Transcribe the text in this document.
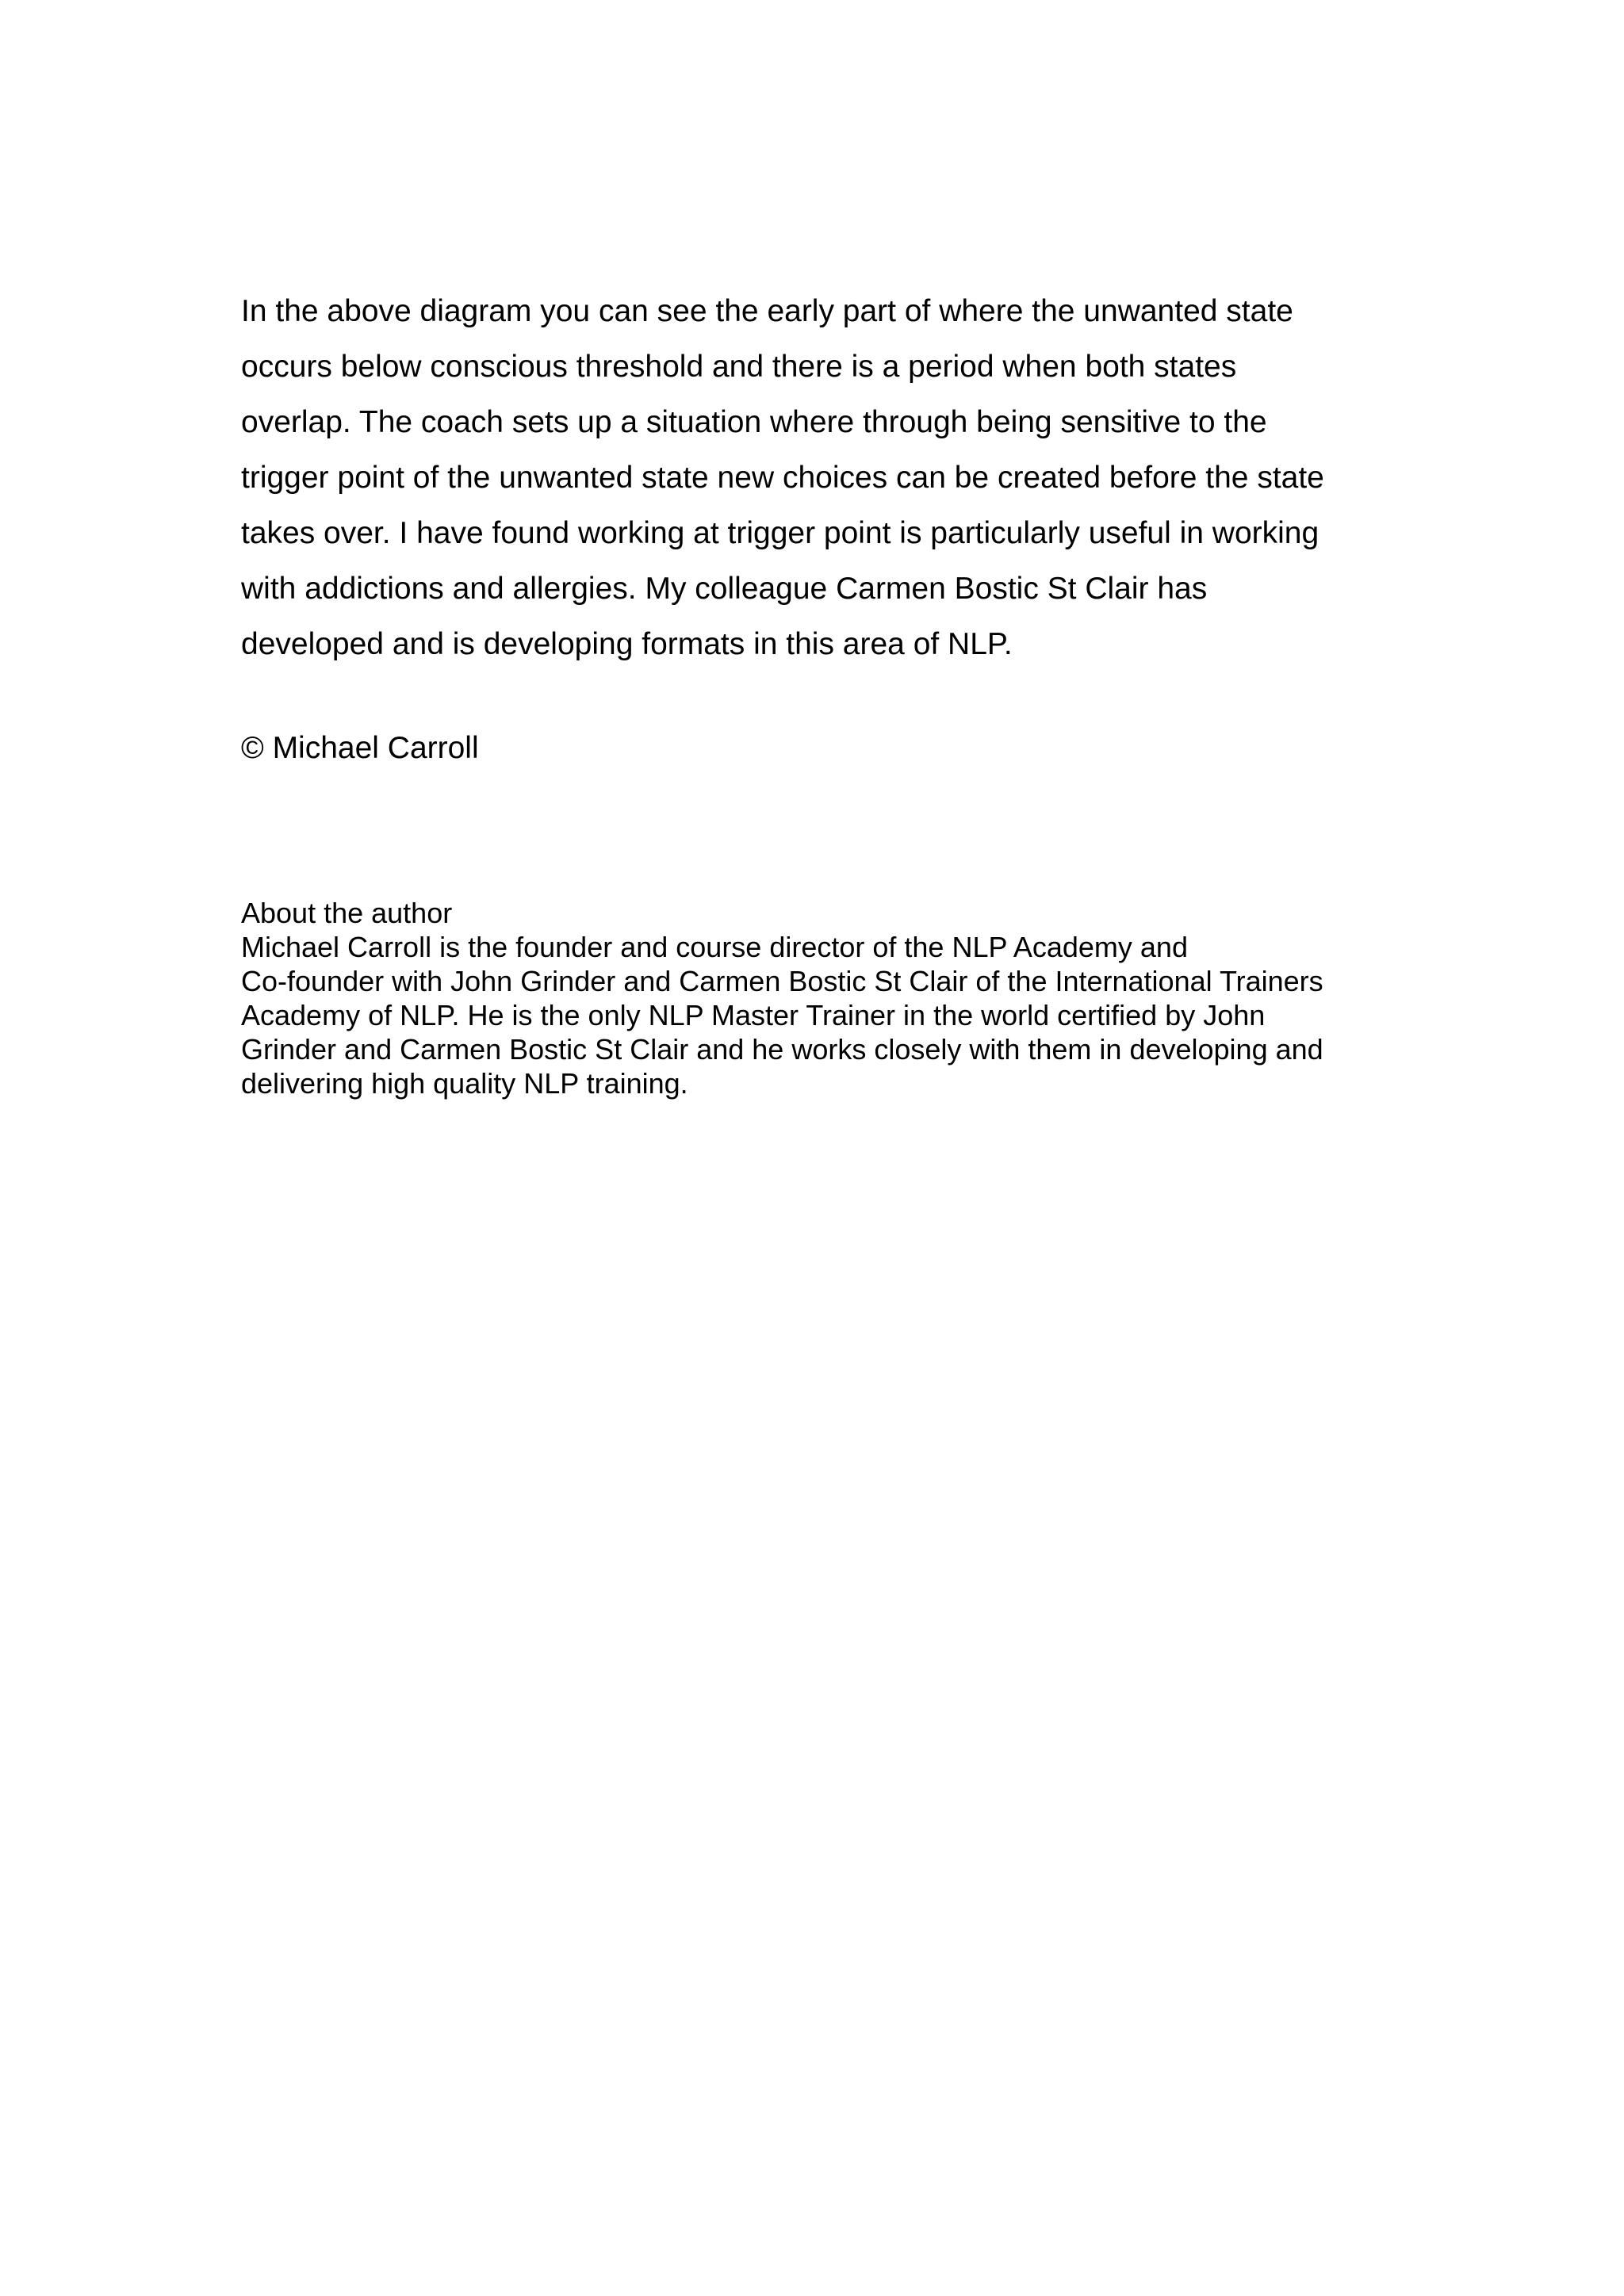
In the above diagram you can see the early part of where the unwanted state
occurs below conscious threshold and there is a period when both states
overlap. The coach sets up a situation where through being sensitive to the
trigger point of the unwanted state new choices can be created before the state
takes over. I have found working at trigger point is particularly useful in working
with addictions and allergies. My colleague Carmen Bostic St Clair has
developed and is developing formats in this area of NLP.

© Michael Carroll

About the author
Michael Carroll is the founder and course director of the NLP Academy and
Co-founder with John Grinder and Carmen Bostic St Clair of the International Trainers
Academy of NLP. He is the only NLP Master Trainer in the world certified by John
Grinder and Carmen Bostic St Clair and he works closely with them in developing and
delivering high quality NLP training.
